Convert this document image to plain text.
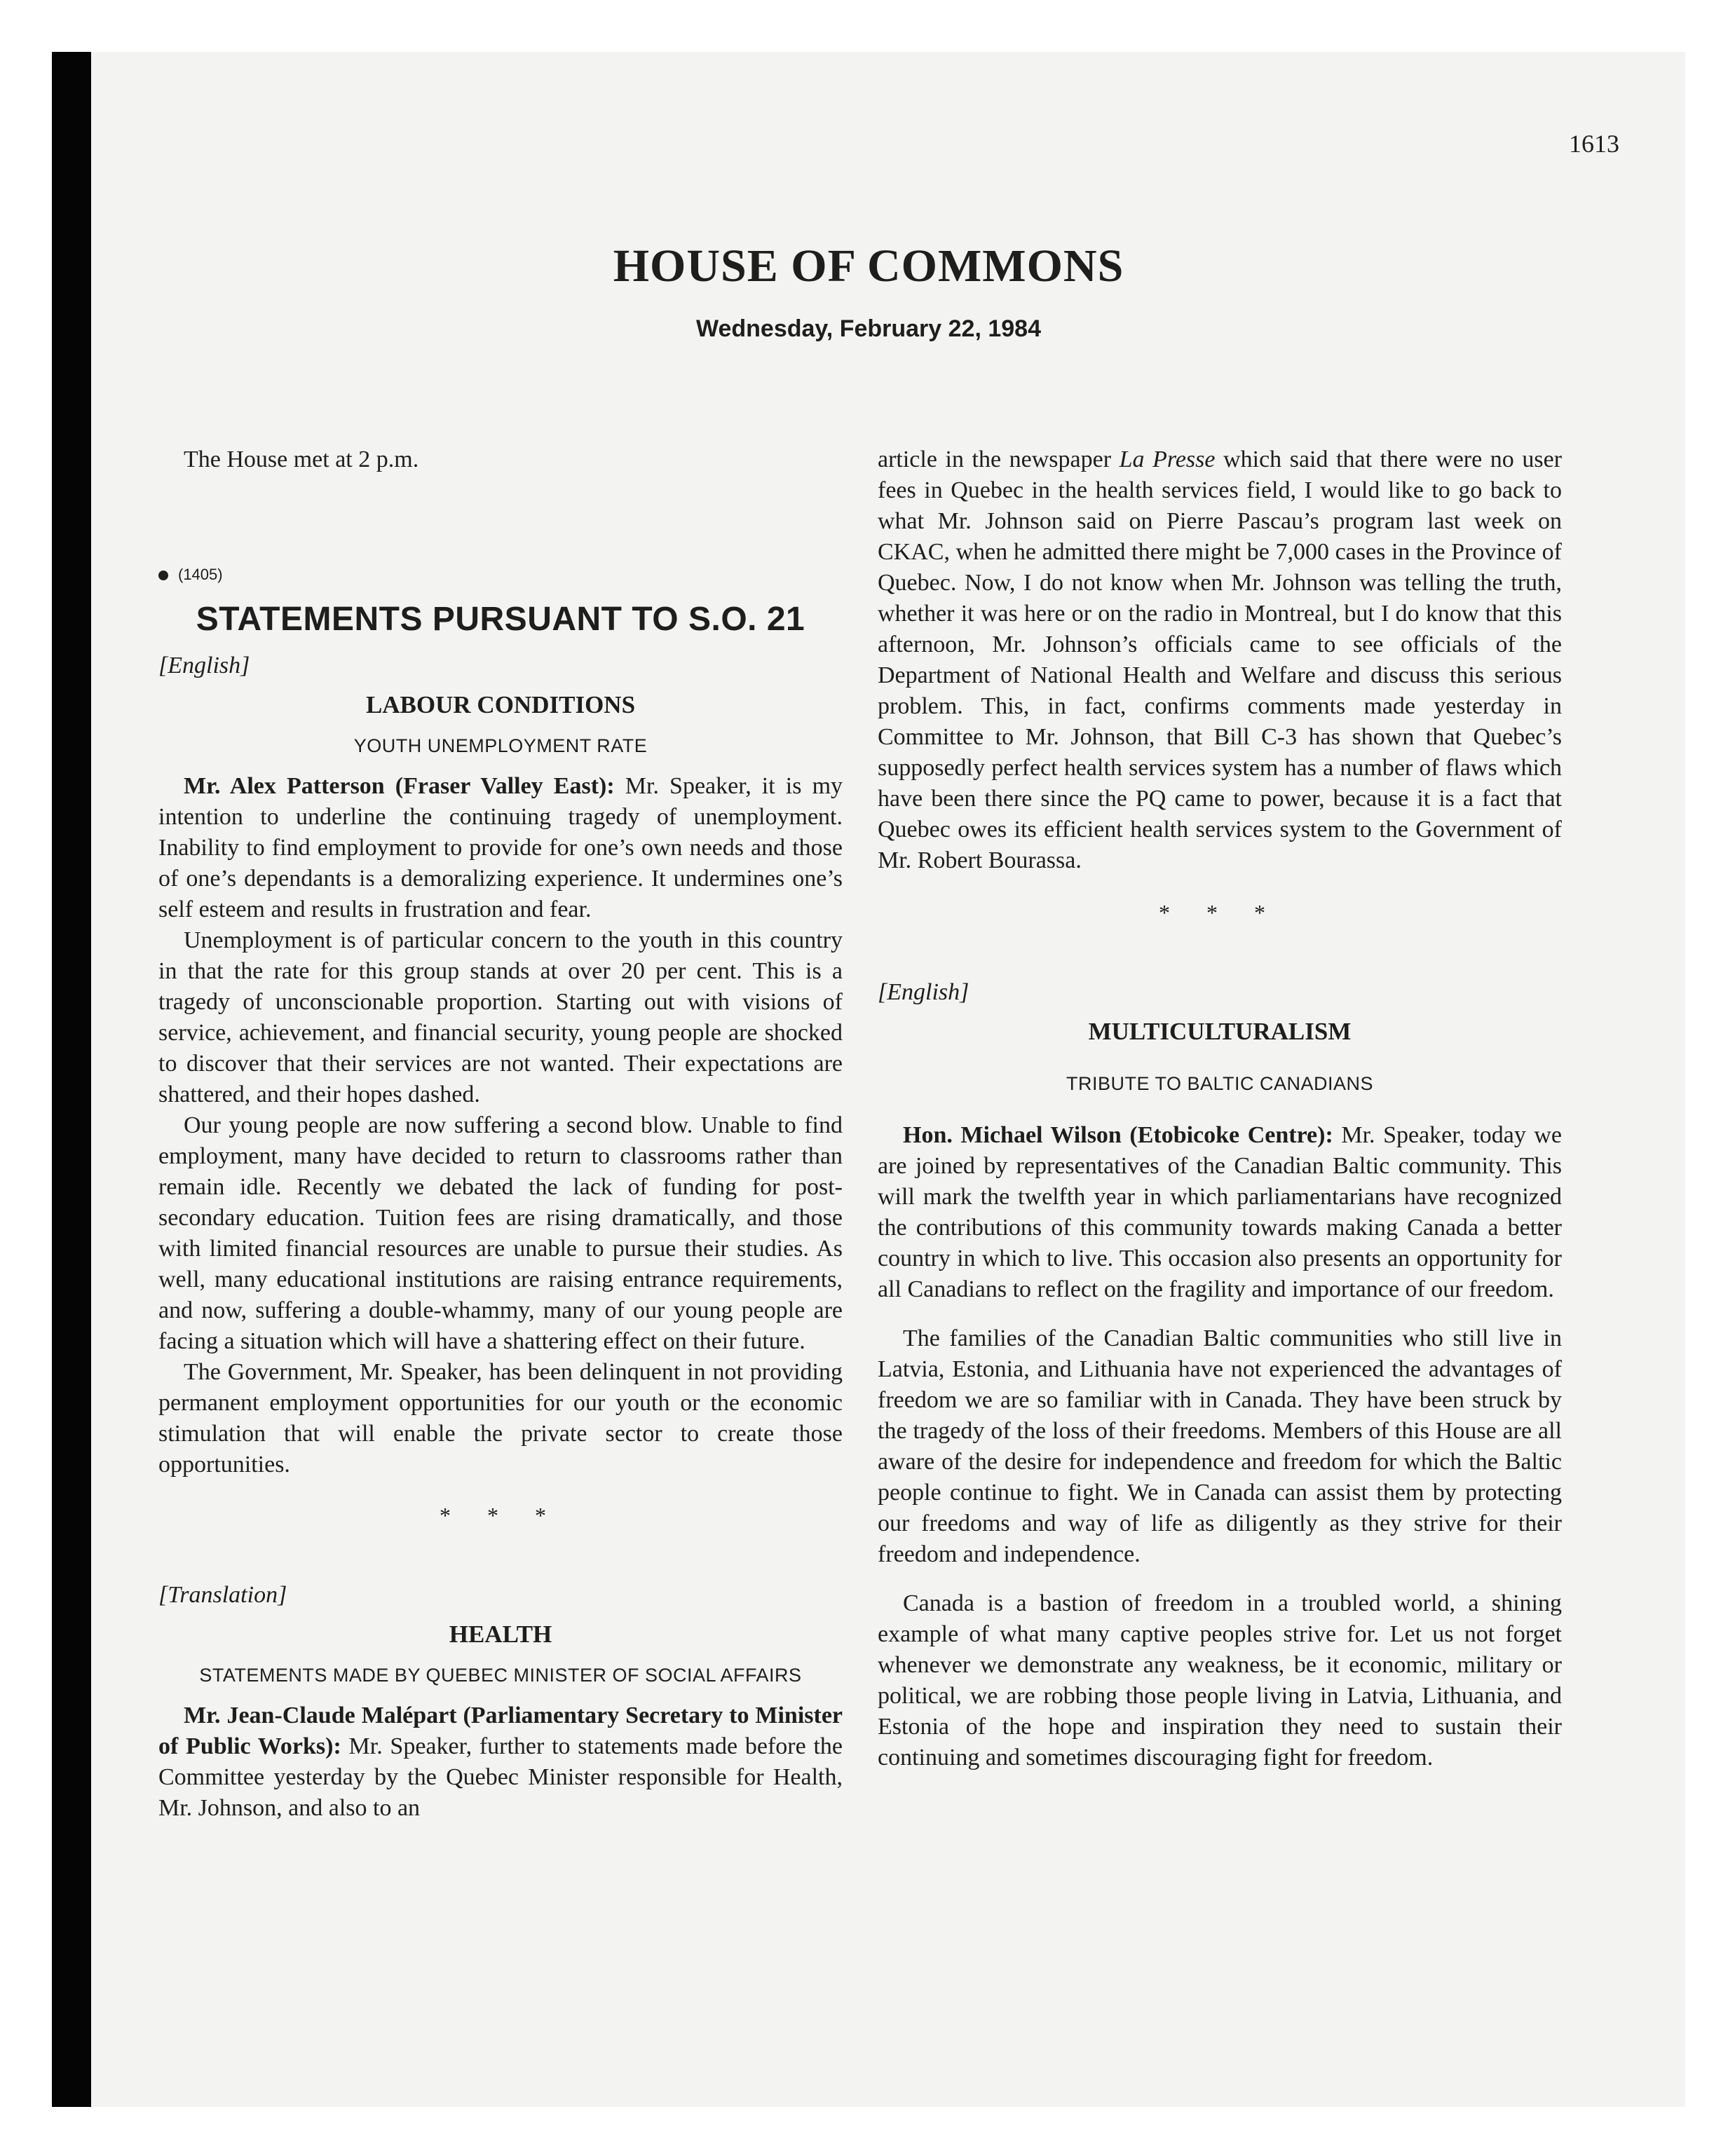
1613
HOUSE OF COMMONS
Wednesday, February 22, 1984

The House met at 2 p.m.

(1405)
STATEMENTS PURSUANT TO S.O. 21
[English]
LABOUR CONDITIONS
YOUTH UNEMPLOYMENT RATE

Mr. Alex Patterson (Fraser Valley East): Mr. Speaker, it is my intention to underline the continuing tragedy of unemployment. Inability to find employment to provide for one’s own needs and those of one’s dependants is a demoralizing experience. It undermines one’s self esteem and results in frustration and fear.

Unemployment is of particular concern to the youth in this country in that the rate for this group stands at over 20 per cent. This is a tragedy of unconscionable proportion. Starting out with visions of service, achievement, and financial security, young people are shocked to discover that their services are not wanted. Their expectations are shattered, and their hopes dashed.

Our young people are now suffering a second blow. Unable to find employment, many have decided to return to classrooms rather than remain idle. Recently we debated the lack of funding for post-secondary education. Tuition fees are rising dramatically, and those with limited financial resources are unable to pursue their studies. As well, many educational institutions are raising entrance requirements, and now, suffering a double-whammy, many of our young people are facing a situation which will have a shattering effect on their future.

The Government, Mr. Speaker, has been delinquent in not providing permanent employment opportunities for our youth or the economic stimulation that will enable the private sector to create those opportunities.

* * *
[Translation]
HEALTH
STATEMENTS MADE BY QUEBEC MINISTER OF SOCIAL AFFAIRS

Mr. Jean-Claude Malépart (Parliamentary Secretary to Minister of Public Works): Mr. Speaker, further to statements made before the Committee yesterday by the Quebec Minister responsible for Health, Mr. Johnson, and also to an

article in the newspaper La Presse which said that there were no user fees in Quebec in the health services field, I would like to go back to what Mr. Johnson said on Pierre Pascau’s program last week on CKAC, when he admitted there might be 7,000 cases in the Province of Quebec. Now, I do not know when Mr. Johnson was telling the truth, whether it was here or on the radio in Montreal, but I do know that this afternoon, Mr. Johnson’s officials came to see officials of the Department of National Health and Welfare and discuss this serious problem. This, in fact, confirms comments made yesterday in Committee to Mr. Johnson, that Bill C-3 has shown that Quebec’s supposedly perfect health services system has a number of flaws which have been there since the PQ came to power, because it is a fact that Quebec owes its efficient health services system to the Government of Mr. Robert Bourassa.

* * *
[English]
MULTICULTURALISM
TRIBUTE TO BALTIC CANADIANS

Hon. Michael Wilson (Etobicoke Centre): Mr. Speaker, today we are joined by representatives of the Canadian Baltic community. This will mark the twelfth year in which parliamentarians have recognized the contributions of this community towards making Canada a better country in which to live. This occasion also presents an opportunity for all Canadians to reflect on the fragility and importance of our freedom.

The families of the Canadian Baltic communities who still live in Latvia, Estonia, and Lithuania have not experienced the advantages of freedom we are so familiar with in Canada. They have been struck by the tragedy of the loss of their freedoms. Members of this House are all aware of the desire for independence and freedom for which the Baltic people continue to fight. We in Canada can assist them by protecting our freedoms and way of life as diligently as they strive for their freedom and independence.

Canada is a bastion of freedom in a troubled world, a shining example of what many captive peoples strive for. Let us not forget whenever we demonstrate any weakness, be it economic, military or political, we are robbing those people living in Latvia, Lithuania, and Estonia of the hope and inspiration they need to sustain their continuing and sometimes discouraging fight for freedom.
